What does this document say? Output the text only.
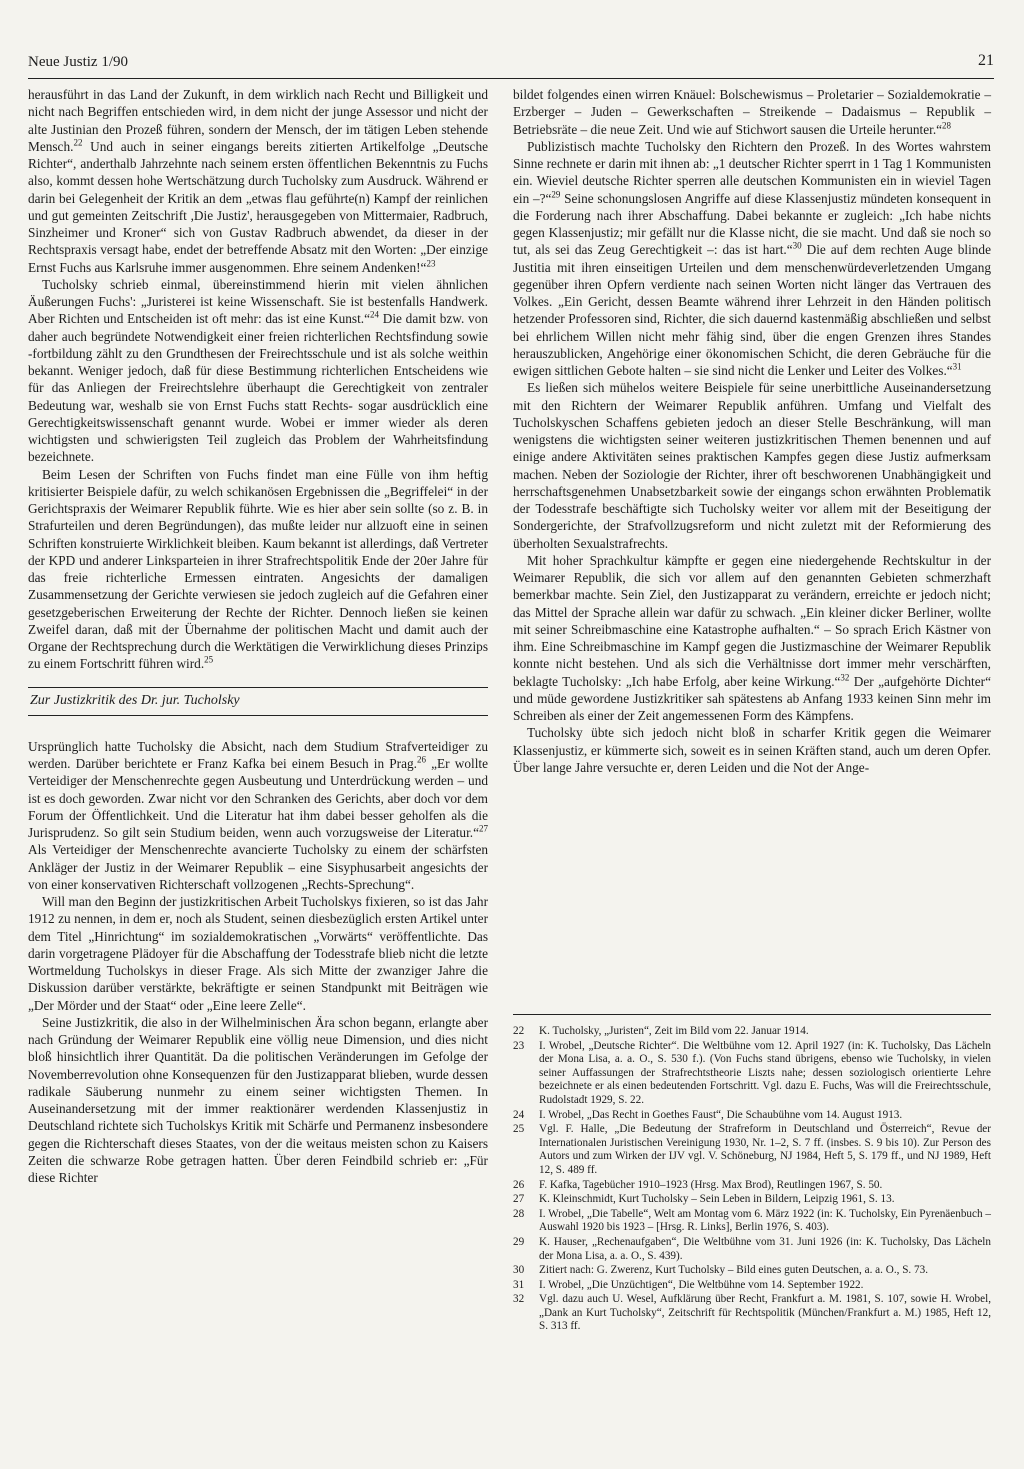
Neue Justiz 1/90	21

herausführt in das Land der Zukunft, in dem wirklich nach Recht und Billigkeit und nicht nach Begriffen entschieden wird, in dem nicht der junge Assessor und nicht der alte Justinian den Prozeß führen, sondern der Mensch, der im tätigen Leben stehende Mensch.$^{22}$ Und auch in seiner eingangs bereits zitierten Artikelfolge „Deutsche Richter“, anderthalb Jahrzehnte nach seinem ersten öffentlichen Bekenntnis zu Fuchs also, kommt dessen hohe Wertschätzung durch Tucholsky zum Ausdruck. Während er darin bei Gelegenheit der Kritik an dem „etwas flau geführte(n) Kampf der reinlichen und gut gemeinten Zeitschrift ,Die Justiz', herausgegeben von Mittermaier, Radbruch, Sinzheimer und Kroner“ sich von Gustav Radbruch abwendet, da dieser in der Rechtspraxis versagt habe, endet der betreffende Absatz mit den Worten: „Der einzige Ernst Fuchs aus Karlsruhe immer ausgenommen. Ehre seinem Andenken!“$^{23}$

Tucholsky schrieb einmal, übereinstimmend hierin mit vielen ähnlichen Äußerungen Fuchs': „Juristerei ist keine Wissenschaft. Sie ist bestenfalls Handwerk. Aber Richten und Entscheiden ist oft mehr: das ist eine Kunst.“$^{24}$ Die damit bzw. von daher auch begründete Notwendigkeit einer freien richterlichen Rechtsfindung sowie -fortbildung zählt zu den Grundthesen der Freirechtsschule und ist als solche weithin bekannt. Weniger jedoch, daß für diese Bestimmung richterlichen Entscheidens wie für das Anliegen der Freirechtslehre überhaupt die Gerechtigkeit von zentraler Bedeutung war, weshalb sie von Ernst Fuchs statt Rechts- sogar ausdrücklich eine Gerechtigkeitswissenschaft genannt wurde. Wobei er immer wieder als deren wichtigsten und schwierigsten Teil zugleich das Problem der Wahrheitsfindung bezeichnete.

Beim Lesen der Schriften von Fuchs findet man eine Fülle von ihm heftig kritisierter Beispiele dafür, zu welch schikanösen Ergebnissen die „Begriffelei“ in der Gerichtspraxis der Weimarer Republik führte. Wie es hier aber sein sollte (so z. B. in Strafurteilen und deren Begründungen), das mußte leider nur allzuoft eine in seinen Schriften konstruierte Wirklichkeit bleiben. Kaum bekannt ist allerdings, daß Vertreter der KPD und anderer Linksparteien in ihrer Strafrechtspolitik Ende der 20er Jahre für das freie richterliche Ermessen eintraten. Angesichts der damaligen Zusammensetzung der Gerichte verwiesen sie jedoch zugleich auf die Gefahren einer gesetzgeberischen Erweiterung der Rechte der Richter. Dennoch ließen sie keinen Zweifel daran, daß mit der Übernahme der politischen Macht und damit auch der Organe der Rechtsprechung durch die Werktätigen die Verwirklichung dieses Prinzips zu einem Fortschritt führen wird.$^{25}$

Zur Justizkritik des Dr. jur. Tucholsky

Ursprünglich hatte Tucholsky die Absicht, nach dem Studium Strafverteidiger zu werden. Darüber berichtete er Franz Kafka bei einem Besuch in Prag.$^{26}$ „Er wollte Verteidiger der Menschenrechte gegen Ausbeutung und Unterdrückung werden – und ist es doch geworden. Zwar nicht vor den Schranken des Gerichts, aber doch vor dem Forum der Öffentlichkeit. Und die Literatur hat ihm dabei besser geholfen als die Jurisprudenz. So gilt sein Studium beiden, wenn auch vorzugsweise der Literatur.“$^{27}$ Als Verteidiger der Menschenrechte avancierte Tucholsky zu einem der schärfsten Ankläger der Justiz in der Weimarer Republik – eine Sisyphusarbeit angesichts der von einer konservativen Richterschaft vollzogenen „Rechts-Sprechung“.

Will man den Beginn der justizkritischen Arbeit Tucholskys fixieren, so ist das Jahr 1912 zu nennen, in dem er, noch als Student, seinen diesbezüglich ersten Artikel unter dem Titel „Hinrichtung“ im sozialdemokratischen „Vorwärts“ veröffentlichte. Das darin vorgetragene Plädoyer für die Abschaffung der Todesstrafe blieb nicht die letzte Wortmeldung Tucholskys in dieser Frage. Als sich Mitte der zwanziger Jahre die Diskussion darüber verstärkte, bekräftigte er seinen Standpunkt mit Beiträgen wie „Der Mörder und der Staat“ oder „Eine leere Zelle“.

Seine Justizkritik, die also in der Wilhelminischen Ära schon begann, erlangte aber nach Gründung der Weimarer Republik eine völlig neue Dimension, und dies nicht bloß hinsichtlich ihrer Quantität. Da die politischen Veränderungen im Gefolge der Novemberrevolution ohne Konsequenzen für den Justizapparat blieben, wurde dessen radikale Säuberung nunmehr zu einem seiner wichtigsten Themen. In Auseinandersetzung mit der immer reaktionärer werdenden Klassenjustiz in Deutschland richtete sich Tucholskys Kritik mit Schärfe und Permanenz insbesondere gegen die Richterschaft dieses Staates, von der die weitaus meisten schon zu Kaisers Zeiten die schwarze Robe getragen hatten. Über deren Feindbild schrieb er: „Für diese Richter

bildet folgendes einen wirren Knäuel: Bolschewismus – Proletarier – Sozialdemokratie – Erzberger – Juden – Gewerkschaften – Streikende – Dadaismus – Republik – Betriebsräte – die neue Zeit. Und wie auf Stichwort sausen die Urteile herunter.“$^{28}$

Publizistisch machte Tucholsky den Richtern den Prozeß. In des Wortes wahrstem Sinne rechnete er darin mit ihnen ab: „1 deutscher Richter sperrt in 1 Tag 1 Kommunisten ein. Wieviel deutsche Richter sperren alle deutschen Kommunisten ein in wieviel Tagen ein –?“$^{29}$ Seine schonungslosen Angriffe auf diese Klassenjustiz mündeten konsequent in die Forderung nach ihrer Abschaffung. Dabei bekannte er zugleich: „Ich habe nichts gegen Klassenjustiz; mir gefällt nur die Klasse nicht, die sie macht. Und daß sie noch so tut, als sei das Zeug Gerechtigkeit –: das ist hart.“$^{30}$ Die auf dem rechten Auge blinde Justitia mit ihren einseitigen Urteilen und dem menschenwürdeverletzenden Umgang gegenüber ihren Opfern verdiente nach seinen Worten nicht länger das Vertrauen des Volkes. „Ein Gericht, dessen Beamte während ihrer Lehrzeit in den Händen politisch hetzender Professoren sind, Richter, die sich dauernd kastenmäßig abschließen und selbst bei ehrlichem Willen nicht mehr fähig sind, über die engen Grenzen ihres Standes herauszublicken, Angehörige einer ökonomischen Schicht, die deren Gebräuche für die ewigen sittlichen Gebote halten – sie sind nicht die Lenker und Leiter des Volkes.“$^{31}$

Es ließen sich mühelos weitere Beispiele für seine unerbittliche Auseinandersetzung mit den Richtern der Weimarer Republik anführen. Umfang und Vielfalt des Tucholskyschen Schaffens gebieten jedoch an dieser Stelle Beschränkung, will man wenigstens die wichtigsten seiner weiteren justizkritischen Themen benennen und auf einige andere Aktivitäten seines praktischen Kampfes gegen diese Justiz aufmerksam machen. Neben der Soziologie der Richter, ihrer oft beschworenen Unabhängigkeit und herrschaftsgenehmen Unabsetzbarkeit sowie der eingangs schon erwähnten Problematik der Todesstrafe beschäftigte sich Tucholsky weiter vor allem mit der Beseitigung der Sondergerichte, der Strafvollzugsreform und nicht zuletzt mit der Reformierung des überholten Sexualstrafrechts.

Mit hoher Sprachkultur kämpfte er gegen eine niedergehende Rechtskultur in der Weimarer Republik, die sich vor allem auf den genannten Gebieten schmerzhaft bemerkbar machte. Sein Ziel, den Justizapparat zu verändern, erreichte er jedoch nicht; das Mittel der Sprache allein war dafür zu schwach. „Ein kleiner dicker Berliner, wollte mit seiner Schreibmaschine eine Katastrophe aufhalten.“ – So sprach Erich Kästner von ihm. Eine Schreibmaschine im Kampf gegen die Justizmaschine der Weimarer Republik konnte nicht bestehen. Und als sich die Verhältnisse dort immer mehr verschärften, beklagte Tucholsky: „Ich habe Erfolg, aber keine Wirkung.“$^{32}$ Der „aufgehörte Dichter“ und müde gewordene Justizkritiker sah spätestens ab Anfang 1933 keinen Sinn mehr im Schreiben als einer der Zeit angemessenen Form des Kämpfens.

Tucholsky übte sich jedoch nicht bloß in scharfer Kritik gegen die Weimarer Klassenjustiz, er kümmerte sich, soweit es in seinen Kräften stand, auch um deren Opfer. Über lange Jahre versuchte er, deren Leiden und die Not der Ange-

22	K. Tucholsky, „Juristen“, Zeit im Bild vom 22. Januar 1914.
23	I. Wrobel, „Deutsche Richter“. Die Weltbühne vom 12. April 1927 (in: K. Tucholsky, Das Lächeln der Mona Lisa, a. a. O., S. 530 f.). (Von Fuchs stand übrigens, ebenso wie Tucholsky, in vielen seiner Auffassungen der Strafrechtstheorie Liszts nahe; dessen soziologisch orientierte Lehre bezeichnete er als einen bedeutenden Fortschritt. Vgl. dazu E. Fuchs, Was will die Freirechtsschule, Rudolstadt 1929, S. 22.
24	I. Wrobel, „Das Recht in Goethes Faust“, Die Schaubühne vom 14. August 1913.
25	Vgl. F. Halle, „Die Bedeutung der Strafreform in Deutschland und Österreich“, Revue der Internationalen Juristischen Vereinigung 1930, Nr. 1–2, S. 7 ff. (insbes. S. 9 bis 10). Zur Person des Autors und zum Wirken der IJV vgl. V. Schöneburg, NJ 1984, Heft 5, S. 179 ff., und NJ 1989, Heft 12, S. 489 ff.
26	F. Kafka, Tagebücher 1910–1923 (Hrsg. Max Brod), Reutlingen 1967, S. 50.
27	K. Kleinschmidt, Kurt Tucholsky – Sein Leben in Bildern, Leipzig 1961, S. 13.
28	I. Wrobel, „Die Tabelle“, Welt am Montag vom 6. März 1922 (in: K. Tucholsky, Ein Pyrenäenbuch – Auswahl 1920 bis 1923 – [Hrsg. R. Links], Berlin 1976, S. 403).
29	K. Hauser, „Rechenaufgaben“, Die Weltbühne vom 31. Juni 1926 (in: K. Tucholsky, Das Lächeln der Mona Lisa, a. a. O., S. 439).
30	Zitiert nach: G. Zwerenz, Kurt Tucholsky – Bild eines guten Deutschen, a. a. O., S. 73.
31	I. Wrobel, „Die Unzüchtigen“, Die Weltbühne vom 14. September 1922.
32	Vgl. dazu auch U. Wesel, Aufklärung über Recht, Frankfurt a. M. 1981, S. 107, sowie H. Wrobel, „Dank an Kurt Tucholsky“, Zeitschrift für Rechtspolitik (München/Frankfurt a. M.) 1985, Heft 12, S. 313 ff.
